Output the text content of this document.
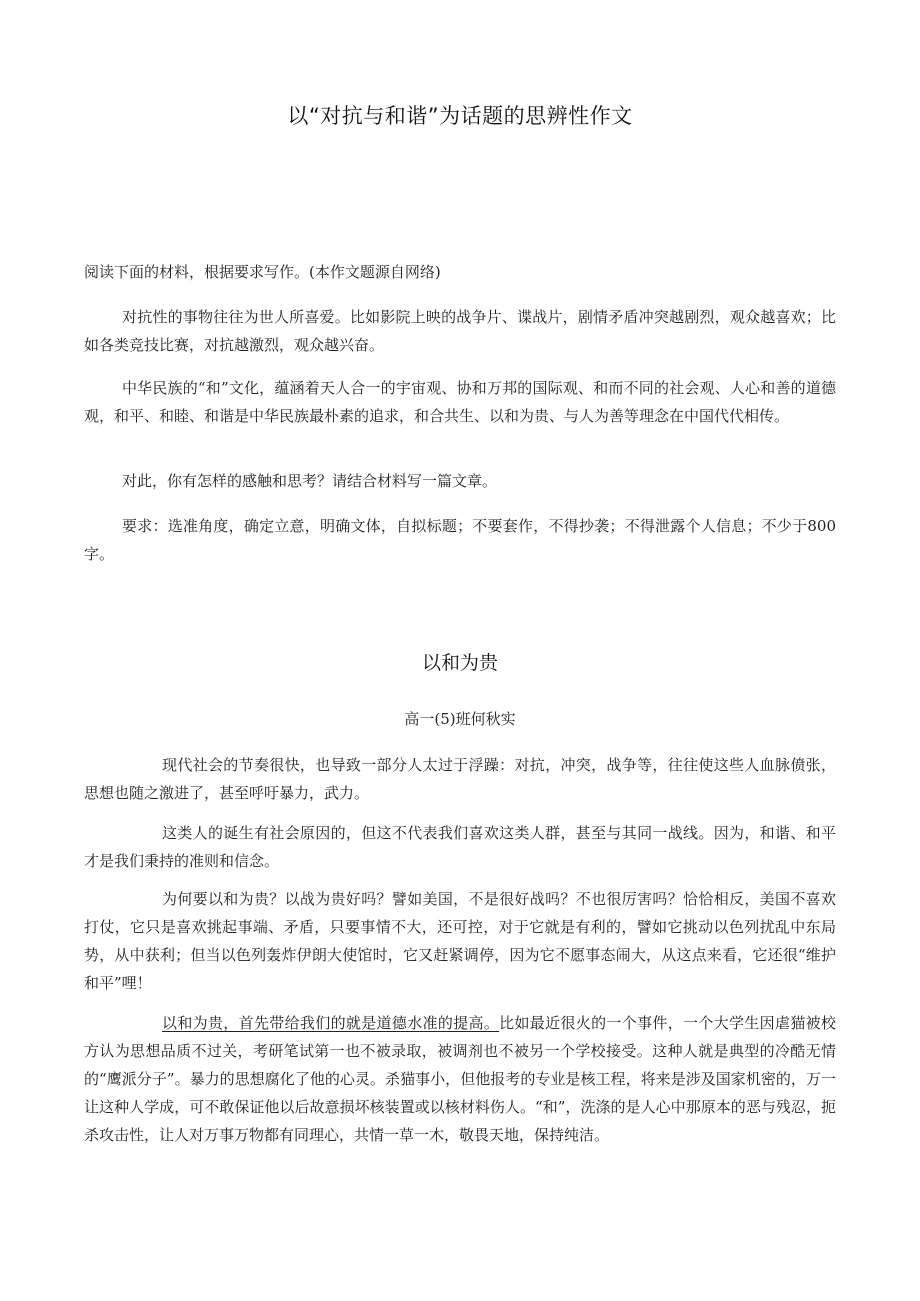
以“对抗与和谐”为话题的思辨性作文
阅读下面的材料，根据要求写作。(本作文题源自网络)
对抗性的事物往往为世人所喜爱。比如影院上映的战争片、谍战片，剧情矛盾冲突越剧烈，观众越喜欢；比如各类竞技比赛，对抗越激烈，观众越兴奋。
中华民族的“和”文化，蕴涵着天人合一的宇宙观、协和万邦的国际观、和而不同的社会观、人心和善的道德观，和平、和睦、和谐是中华民族最朴素的追求，和合共生、以和为贵、与人为善等理念在中国代代相传。
对此，你有怎样的感触和思考？请结合材料写一篇文章。
要求：选准角度，确定立意，明确文体，自拟标题；不要套作，不得抄袭；不得泄露个人信息；不少于800字。
以和为贵
高一(5)班何秋实
现代社会的节奏很快，也导致一部分人太过于浮躁：对抗，冲突，战争等，往往使这些人血脉偾张，思想也随之激进了，甚至呼吁暴力，武力。
这类人的诞生有社会原因的，但这不代表我们喜欢这类人群，甚至与其同一战线。因为，和谐、和平才是我们秉持的准则和信念。
为何要以和为贵？以战为贵好吗？譬如美国，不是很好战吗？不也很厉害吗？恰恰相反，美国不喜欢打仗，它只是喜欢挑起事端、矛盾，只要事情不大，还可控，对于它就是有利的，譬如它挑动以色列扰乱中东局势，从中获利；但当以色列轰炸伊朗大使馆时，它又赶紧调停，因为它不愿事态闹大，从这点来看，它还很“维护和平”哩！
以和为贵，首先带给我们的就是道德水准的提高。比如最近很火的一个事件，一个大学生因虐猫被校方认为思想品质不过关，考研笔试第一也不被录取，被调剂也不被另一个学校接受。这种人就是典型的冷酷无情的“鹰派分子”。暴力的思想腐化了他的心灵。杀猫事小，但他报考的专业是核工程，将来是涉及国家机密的，万一让这种人学成，可不敢保证他以后故意损坏核装置或以核材料伤人。“和”，洗涤的是人心中那原本的恶与残忍，扼杀攻击性，让人对万事万物都有同理心，共情一草一木，敬畏天地，保持纯洁。
